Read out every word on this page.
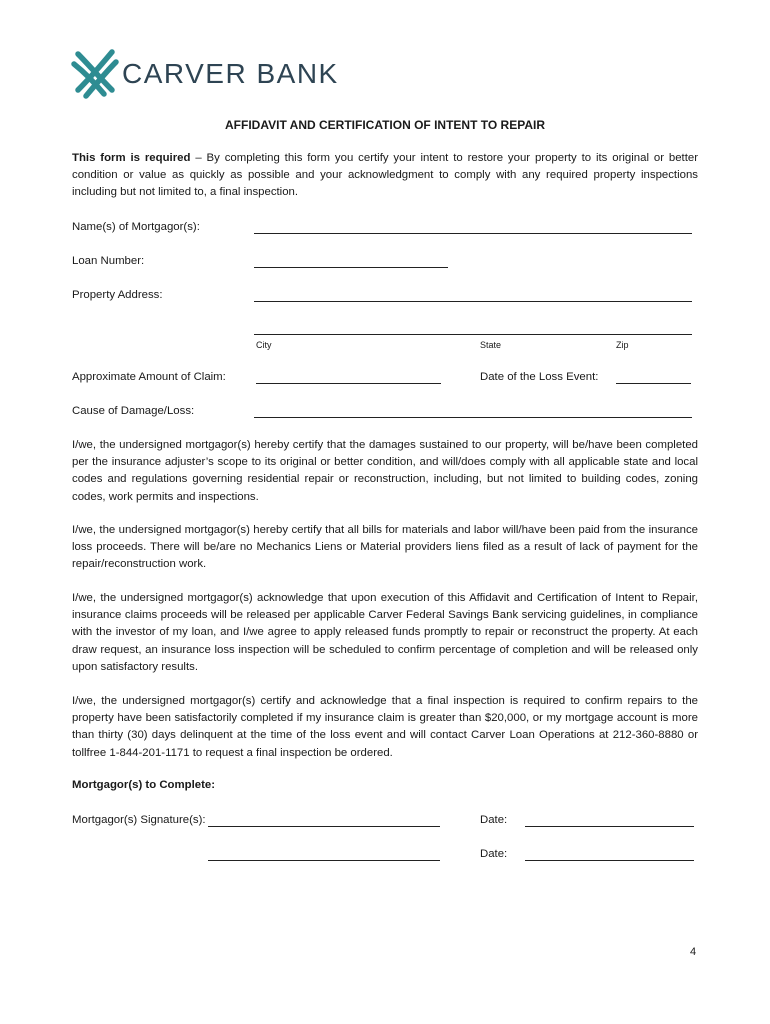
CARVER BANK
AFFIDAVIT AND CERTIFICATION OF INTENT TO REPAIR

This form is required – By completing this form you certify your intent to restore your property to its original or better condition or value as quickly as possible and your acknowledgment to comply with any required property inspections including but not limited to, a final inspection.

Name(s) of Mortgagor(s):
Loan Number:
Property Address:
City	State	Zip
Approximate Amount of Claim:	Date of the Loss Event:
Cause of Damage/Loss:

I/we, the undersigned mortgagor(s) hereby certify that the damages sustained to our property, will be/have been completed per the insurance adjuster’s scope to its original or better condition, and will/does comply with all applicable state and local codes and regulations governing residential repair or reconstruction, including, but not limited to building codes, zoning codes, work permits and inspections.

I/we, the undersigned mortgagor(s) hereby certify that all bills for materials and labor will/have been paid from the insurance loss proceeds. There will be/are no Mechanics Liens or Material providers liens filed as a result of lack of payment for the repair/reconstruction work.

I/we, the undersigned mortgagor(s) acknowledge that upon execution of this Affidavit and Certification of Intent to Repair, insurance claims proceeds will be released per applicable Carver Federal Savings Bank servicing guidelines, in compliance with the investor of my loan, and I/we agree to apply released funds promptly to repair or reconstruct the property. At each draw request, an insurance loss inspection will be scheduled to confirm percentage of completion and will be released only upon satisfactory results.

I/we, the undersigned mortgagor(s) certify and acknowledge that a final inspection is required to confirm repairs to the property have been satisfactorily completed if my insurance claim is greater than $20,000, or my mortgage account is more than thirty (30) days delinquent at the time of the loss event and will contact Carver Loan Operations at 212-360-8880 or tollfree 1-844-201-1171 to request a final inspection be ordered.

Mortgagor(s) to Complete:
Mortgagor(s) Signature(s):	Date:
Date:
4
